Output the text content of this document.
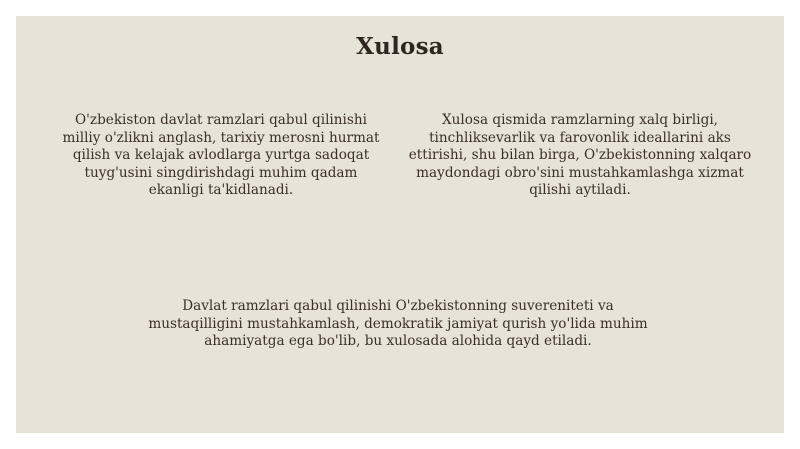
Xulosa
O'zbekiston davlat ramzlari qabul qilinishi milliy o'zlikni anglash, tarixiy merosni hurmat qilish va kelajak avlodlarga yurtga sadoqat tuyg'usini singdirishdagi muhim qadam ekanligi ta'kidlanadi.
Xulosa qismida ramzlarning xalq birligi, tinchliksevarlik va farovonlik ideallarini aks ettirishi, shu bilan birga, O'zbekistonning xalqaro maydondagi obro'sini mustahkamlashga xizmat qilishi aytiladi.
Davlat ramzlari qabul qilinishi O'zbekistonning suvereniteti va mustaqilligini mustahkamlash, demokratik jamiyat qurish yo'lida muhim ahamiyatga ega bo'lib, bu xulosada alohida qayd etiladi.
